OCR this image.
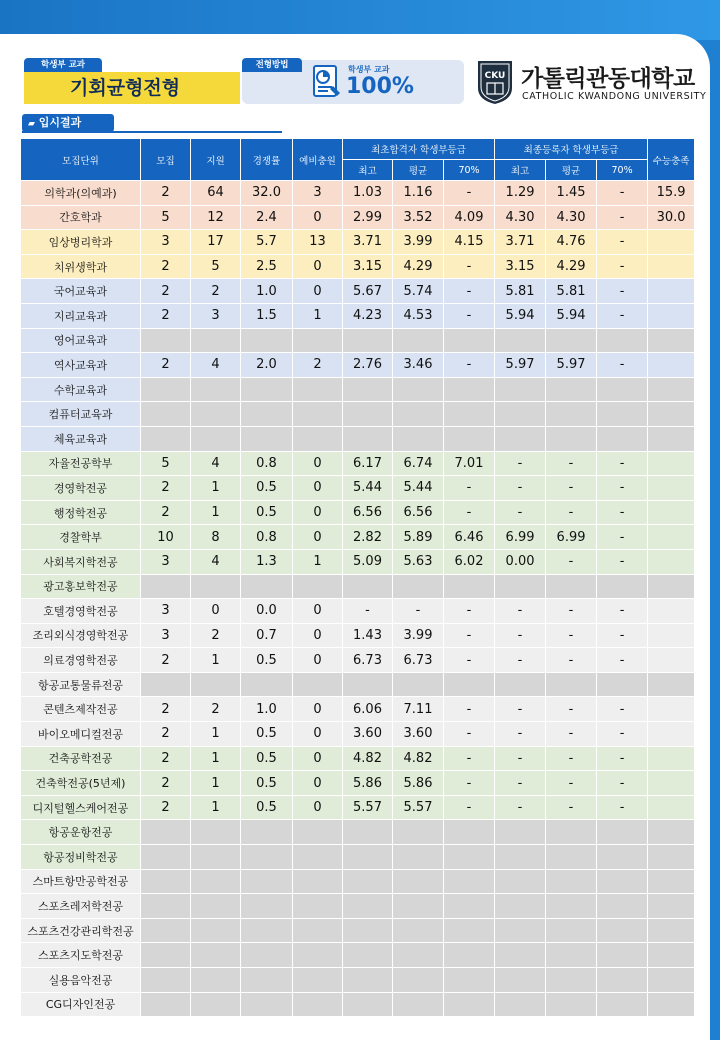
학생부 교과
기회균형전형
전형방법	학생부 교과
100%	CKU 가톨릭관동대학교
CATHOLIC KWANDONG UNIVERSITY
▰ 입시결과
모집단위	모집	지원	경쟁률	예비충원	최초합격자 학생부등급			최종등록자 학생부등급			수능충족
					최고	평균	70%	최고	평균	70%	
의학과(의예과)	2	64	32.0	3	1.03	1.16	-	1.29	1.45	-	15.9
간호학과	5	12	2.4	0	2.99	3.52	4.09	4.30	4.30	-	30.0
임상병리학과	3	17	5.7	13	3.71	3.99	4.15	3.71	4.76	-	
치위생학과	2	5	2.5	0	3.15	4.29	-	3.15	4.29	-	
국어교육과	2	2	1.0	0	5.67	5.74	-	5.81	5.81	-	
지리교육과	2	3	1.5	1	4.23	4.53	-	5.94	5.94	-	
영어교육과											
역사교육과	2	4	2.0	2	2.76	3.46	-	5.97	5.97	-	
수학교육과											
컴퓨터교육과											
체육교육과											
자율전공학부	5	4	0.8	0	6.17	6.74	7.01	-	-	-	
경영학전공	2	1	0.5	0	5.44	5.44	-	-	-	-	
행정학전공	2	1	0.5	0	6.56	6.56	-	-	-	-	
경찰학부	10	8	0.8	0	2.82	5.89	6.46	6.99	6.99	-	
사회복지학전공	3	4	1.3	1	5.09	5.63	6.02	0.00	-	-	
광고홍보학전공											
호텔경영학전공	3	0	0.0	0	-	-	-	-	-	-	
조리외식경영학전공	3	2	0.7	0	1.43	3.99	-	-	-	-	
의료경영학전공	2	1	0.5	0	6.73	6.73	-	-	-	-	
항공교통물류전공											
콘텐츠제작전공	2	2	1.0	0	6.06	7.11	-	-	-	-	
바이오메디컬전공	2	1	0.5	0	3.60	3.60	-	-	-	-	
건축공학전공	2	1	0.5	0	4.82	4.82	-	-	-	-	
건축학전공(5년제)	2	1	0.5	0	5.86	5.86	-	-	-	-	
디지털헬스케어전공	2	1	0.5	0	5.57	5.57	-	-	-	-	
항공운항전공											
항공정비학전공											
스마트항만공학전공											
스포츠레저학전공											
스포츠건강관리학전공											
스포츠지도학전공											
실용음악전공											
CG디자인전공											
